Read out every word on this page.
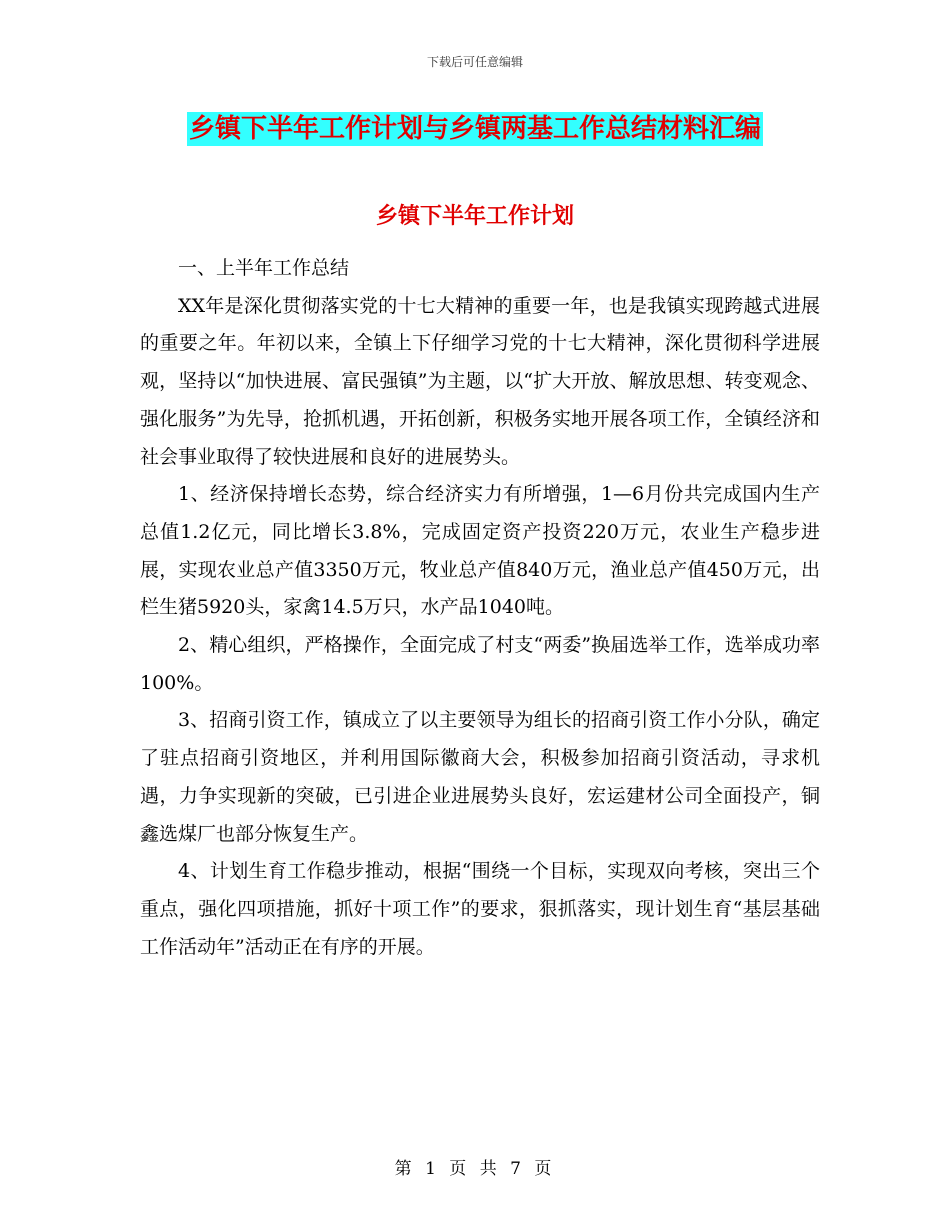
下载后可任意编辑
乡镇下半年工作计划与乡镇两基工作总结材料汇编
乡镇下半年工作计划

一、上半年工作总结

XX年是深化贯彻落实党的十七大精神的重要一年，也是我镇实现跨越式进展的重要之年。年初以来，全镇上下仔细学习党的十七大精神，深化贯彻科学进展观，坚持以“加快进展、富民强镇”为主题，以“扩大开放、解放思想、转变观念、强化服务”为先导，抢抓机遇，开拓创新，积极务实地开展各项工作，全镇经济和社会事业取得了较快进展和良好的进展势头。

1、经济保持增长态势，综合经济实力有所增强，1—6月份共完成国内生产总值1.2亿元，同比增长3.8%，完成固定资产投资220万元，农业生产稳步进展，实现农业总产值3350万元，牧业总产值840万元，渔业总产值450万元，出栏生猪5920头，家禽14.5万只，水产品1040吨。

2、精心组织，严格操作，全面完成了村支“两委”换届选举工作，选举成功率100%。

3、招商引资工作，镇成立了以主要领导为组长的招商引资工作小分队，确定了驻点招商引资地区，并利用国际徽商大会，积极参加招商引资活动，寻求机遇，力争实现新的突破，已引进企业进展势头良好，宏运建材公司全面投产，铜鑫选煤厂也部分恢复生产。

4、计划生育工作稳步推动，根据“围绕一个目标，实现双向考核，突出三个重点，强化四项措施，抓好十项工作”的要求，狠抓落实，现计划生育“基层基础工作活动年”活动正在有序的开展。

第 1 页 共 7 页
